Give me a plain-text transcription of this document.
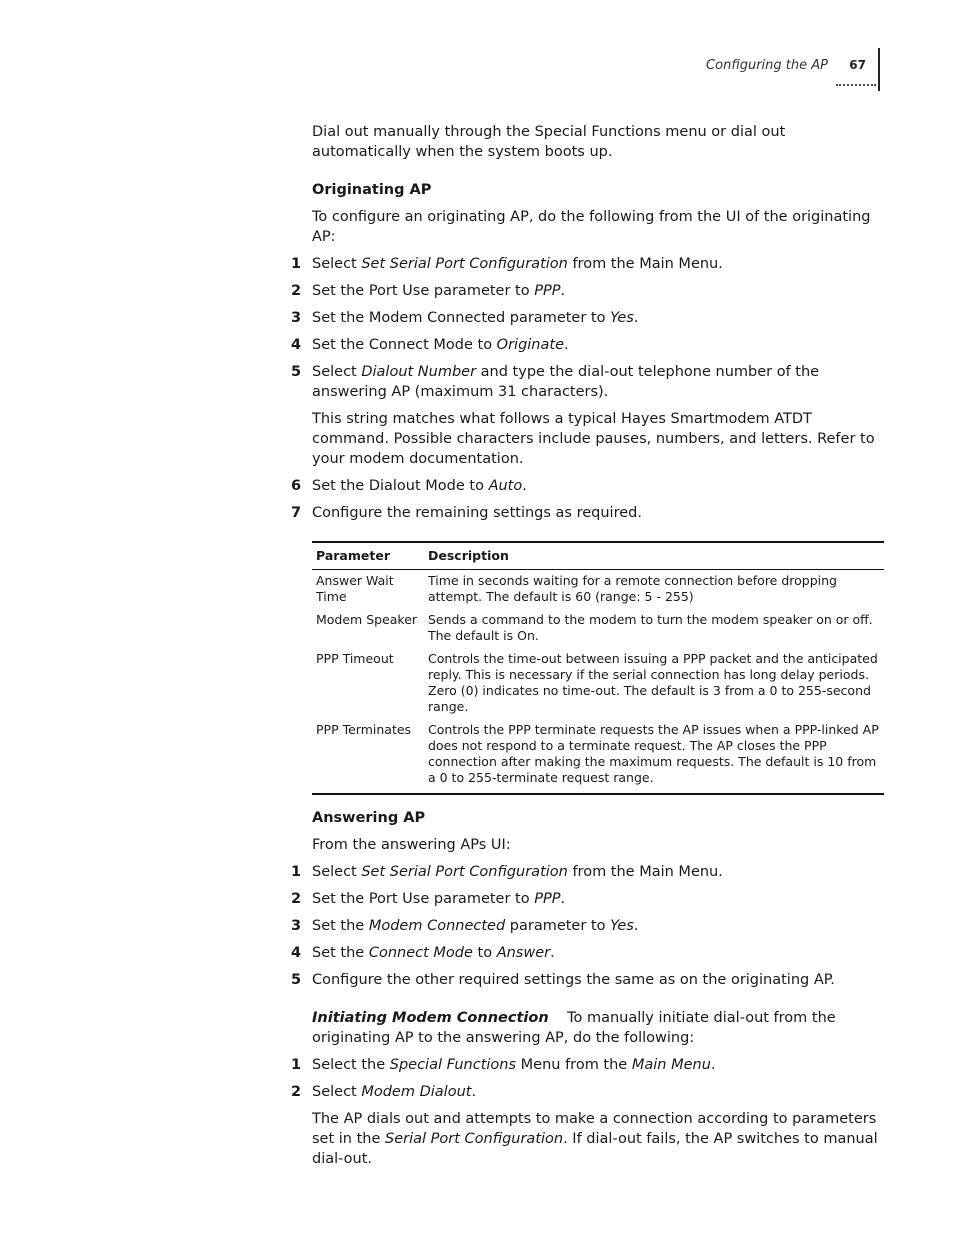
Configuring the AP 67

Dial out manually through the Special Functions menu or dial out automatically when the system boots up.

Originating AP

To configure an originating AP, do the following from the UI of the originating AP:

1 Select Set Serial Port Configuration from the Main Menu.
2 Set the Port Use parameter to PPP.
3 Set the Modem Connected parameter to Yes.
4 Set the Connect Mode to Originate.
5 Select Dialout Number and type the dial-out telephone number of the answering AP (maximum 31 characters).

This string matches what follows a typical Hayes Smartmodem ATDT command. Possible characters include pauses, numbers, and letters. Refer to your modem documentation.

6 Set the Dialout Mode to Auto.
7 Configure the remaining settings as required.
Parameter	Description
Answer Wait Time	Time in seconds waiting for a remote connection before dropping attempt. The default is 60 (range: 5 - 255)
Modem Speaker	Sends a command to the modem to turn the modem speaker on or off. The default is On.
PPP Timeout	Controls the time-out between issuing a PPP packet and the anticipated reply. This is necessary if the serial connection has long delay periods. Zero (0) indicates no time-out. The default is 3 from a 0 to 255-second range.
PPP Terminates	Controls the PPP terminate requests the AP issues when a PPP-linked AP does not respond to a terminate request. The AP closes the PPP connection after making the maximum requests. The default is 10 from a 0 to 255-terminate request range.
Answering AP

From the answering APs UI:

1 Select Set Serial Port Configuration from the Main Menu.
2 Set the Port Use parameter to PPP.
3 Set the Modem Connected parameter to Yes.
4 Set the Connect Mode to Answer.
5 Configure the other required settings the same as on the originating AP.

Initiating Modem Connection To manually initiate dial-out from the originating AP to the answering AP, do the following:

1 Select the Special Functions Menu from the Main Menu.
2 Select Modem Dialout.

The AP dials out and attempts to make a connection according to parameters set in the Serial Port Configuration. If dial-out fails, the AP switches to manual dial-out.
